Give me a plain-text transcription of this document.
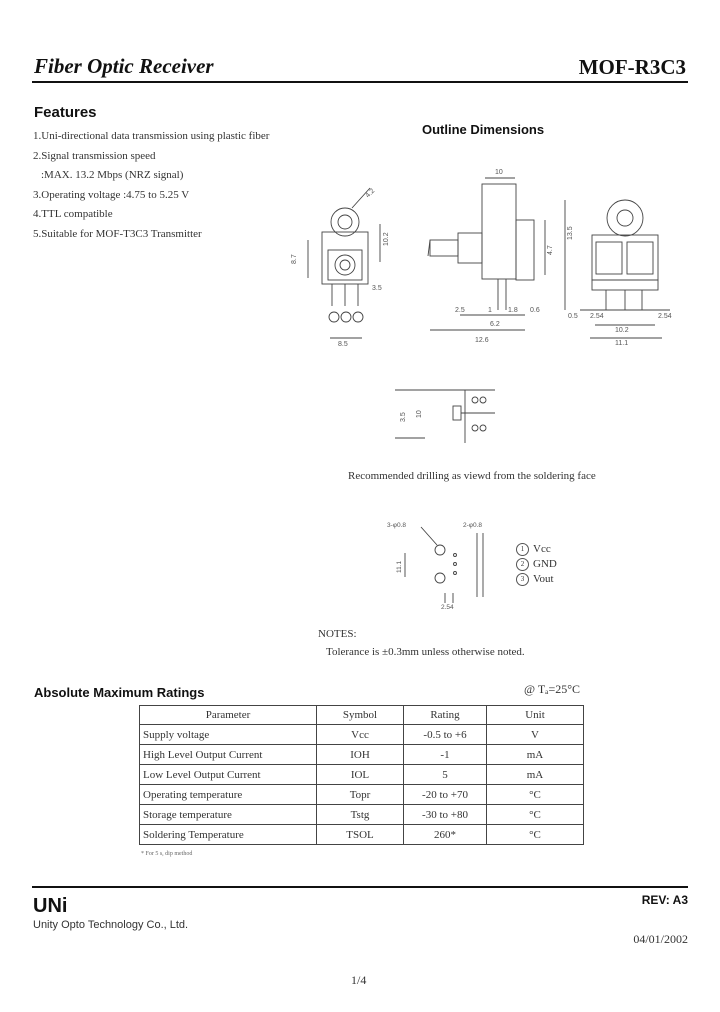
Fiber Optic Receiver	MOF-R3C3
Features
1.Uni-directional data transmission using plastic fiber
2.Signal transmission speed
:MAX. 13.2 Mbps (NRZ signal)
3.Operating voltage :4.75 to 5.25 V
4.TTL compatible
5.Suitable for MOF-T3C3 Transmitter
Outline Dimensions
8.7
10.2
4.2
3.5
8.5
10
13.5
4.7
2.5	1 1.8 0.6
6.2
12.6
2.54	2.54
0.5
10.2
11.1
3.5 10
Recommended drilling as viewd from the soldering face
3-φ0.8	2-φ0.8
11.1
2.54
1 Vcc
2 GND
3 Vout
NOTES:
Tolerance is ±0.3mm unless otherwise noted.
Absolute Maximum Ratings	@ Tₐ=25°C
Parameter	Symbol	Rating	Unit
Supply voltage	Vcc	-0.5 to +6	V
High Level Output Current	IOH	-1	mA
Low Level Output Current	IOL	5	mA
Operating temperature	Topr	-20 to +70	°C
Storage temperature	Tstg	-30 to +80	°C
Soldering Temperature	TSOL	260*	°C
* For 5 s, dip method
UNi
Unity Opto Technology Co., Ltd.
REV: A3
04/01/2002
1/4
